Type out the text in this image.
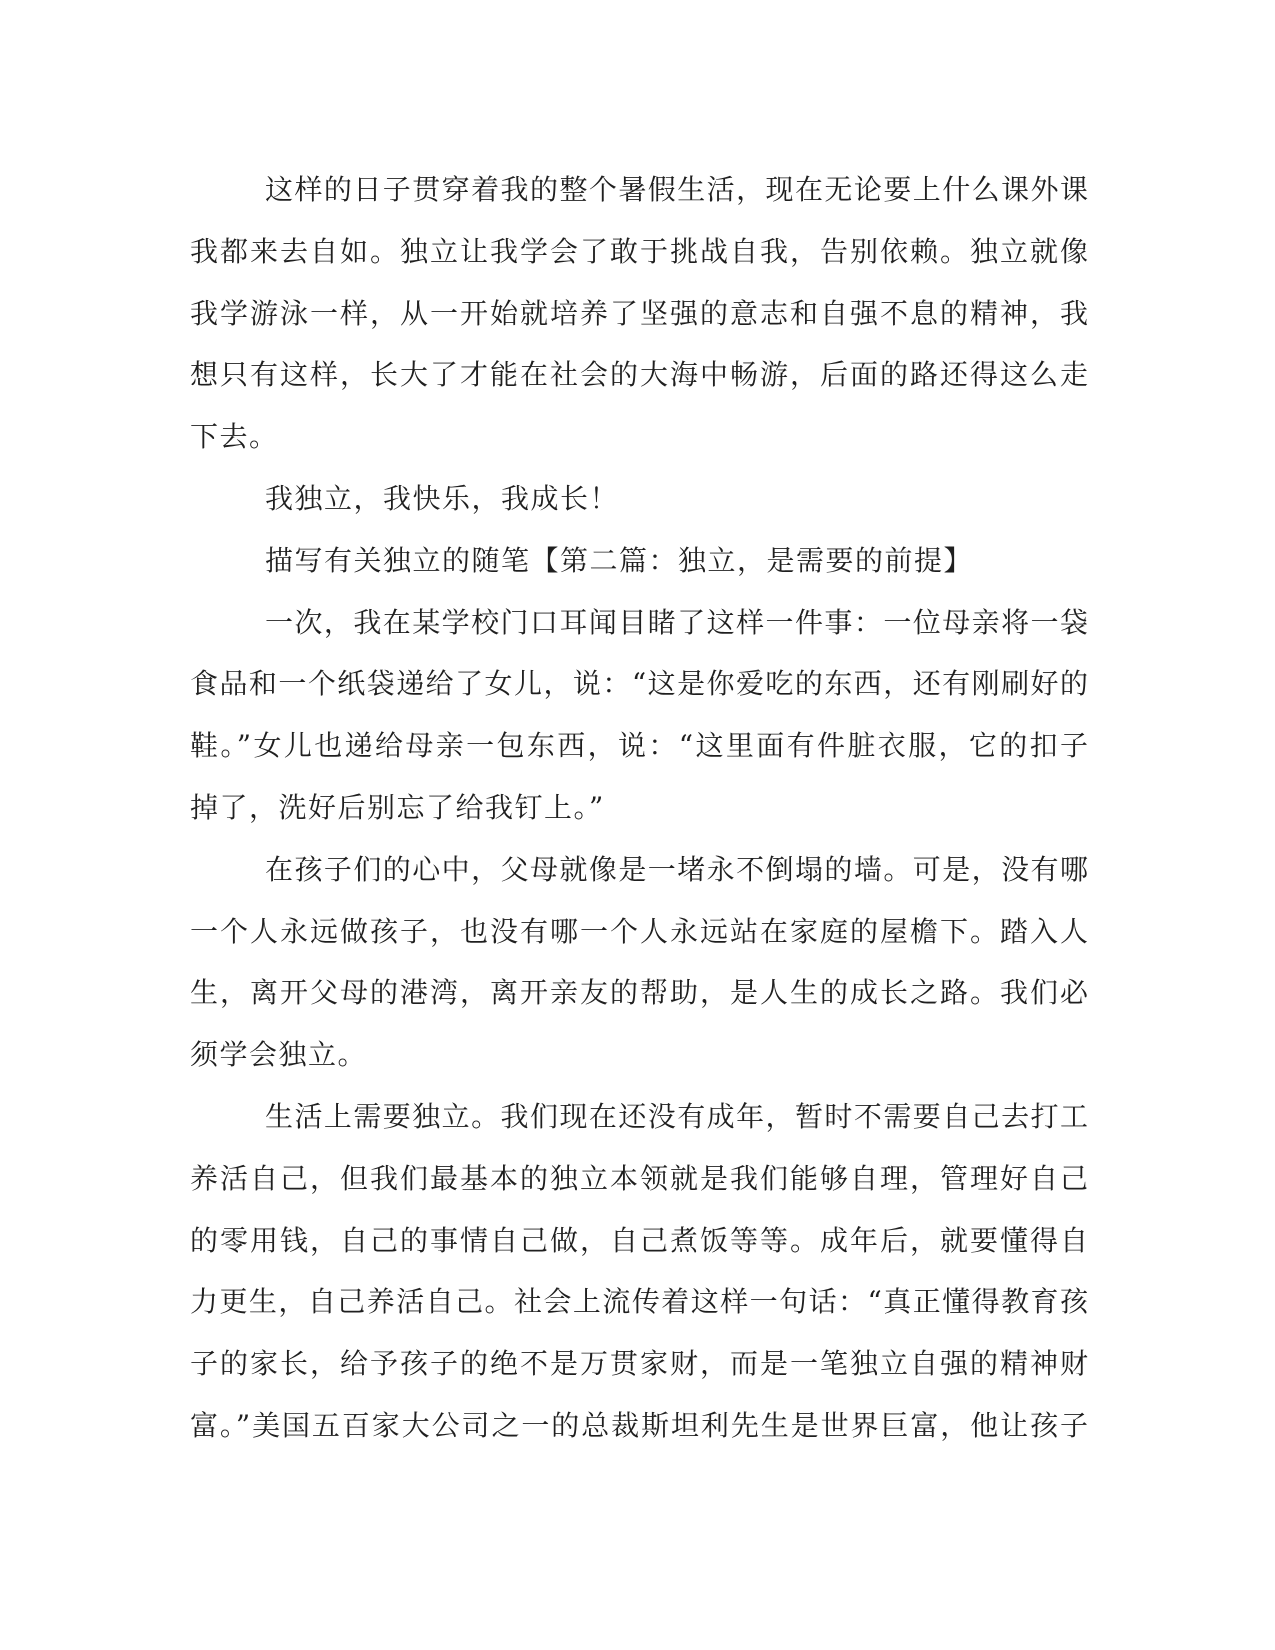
这样的日子贯穿着我的整个暑假生活，现在无论要上什么课外课
我都来去自如。独立让我学会了敢于挑战自我，告别依赖。独立就像
我学游泳一样，从一开始就培养了坚强的意志和自强不息的精神，我
想只有这样，长大了才能在社会的大海中畅游，后面的路还得这么走
下去。
我独立，我快乐，我成长！
描写有关独立的随笔【第二篇：独立，是需要的前提】
一次，我在某学校门口耳闻目睹了这样一件事：一位母亲将一袋
食品和一个纸袋递给了女儿，说：“这是你爱吃的东西，还有刚刷好的
鞋。”女儿也递给母亲一包东西，说：“这里面有件脏衣服，它的扣子
掉了，洗好后别忘了给我钉上。”
在孩子们的心中，父母就像是一堵永不倒塌的墙。可是，没有哪
一个人永远做孩子，也没有哪一个人永远站在家庭的屋檐下。踏入人
生，离开父母的港湾，离开亲友的帮助，是人生的成长之路。我们必
须学会独立。
生活上需要独立。我们现在还没有成年，暂时不需要自己去打工
养活自己，但我们最基本的独立本领就是我们能够自理，管理好自己
的零用钱，自己的事情自己做，自己煮饭等等。成年后，就要懂得自
力更生，自己养活自己。社会上流传着这样一句话：“真正懂得教育孩
子的家长，给予孩子的绝不是万贯家财，而是一笔独立自强的精神财
富。”美国五百家大公司之一的总裁斯坦利先生是世界巨富，他让孩子
